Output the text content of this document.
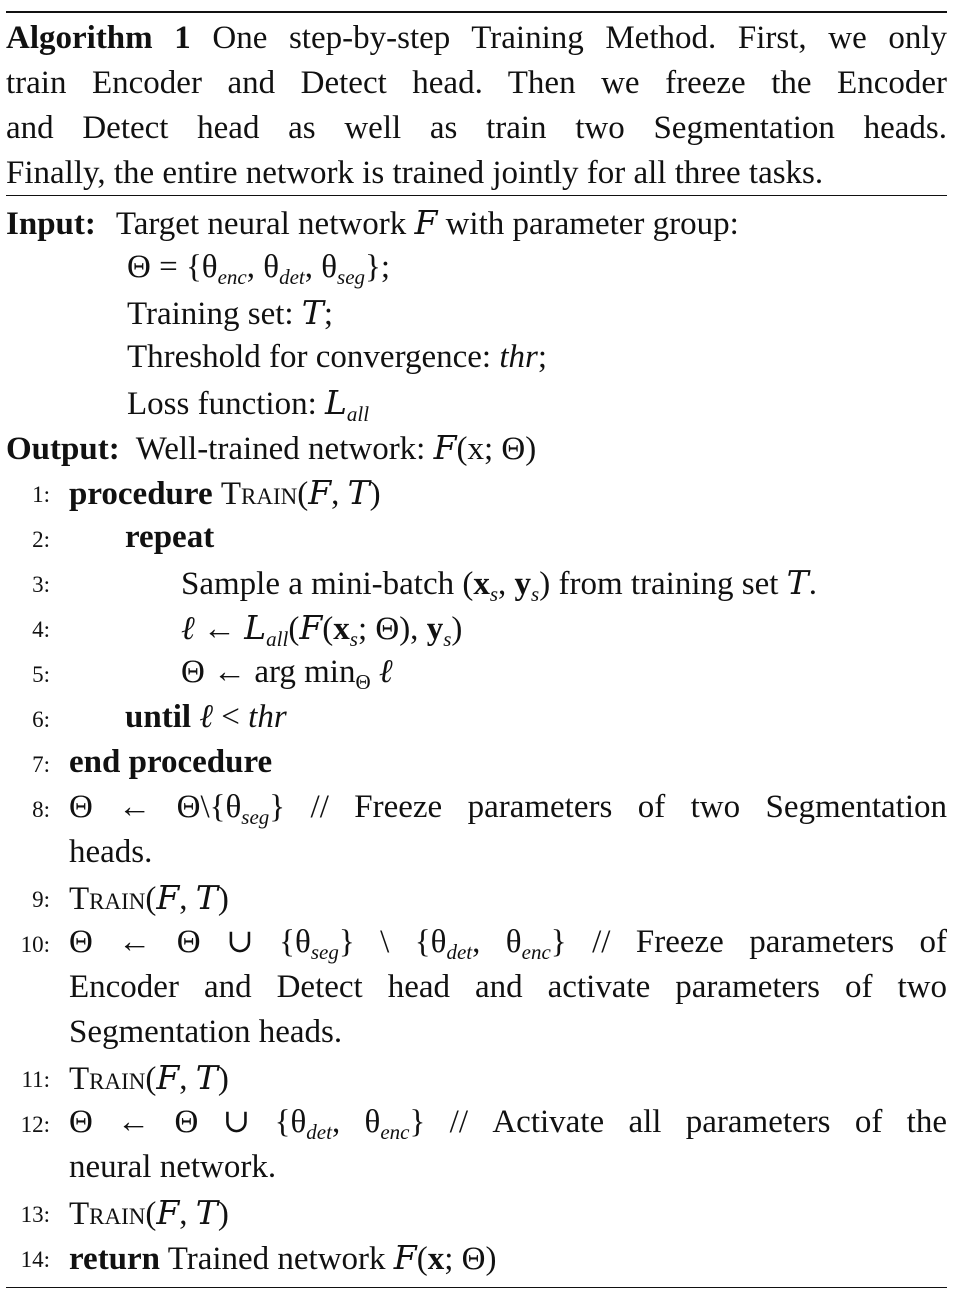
Algorithm 1 One step-by-step Training Method. First, we only
train Encoder and Detect head. Then we freeze the Encoder
and Detect head as well as train two Segmentation heads.
Finally, the entire network is trained jointly for all three tasks.
Input: Target neural network F with parameter group:
$\Theta = \{\theta_{enc}$, $\theta_{det}$, $\theta_{seg}$};
Training set: T;
Threshold for convergence: thr;
Loss function: $L_{all}$
Output: Well-trained network: F(x; Θ)
1: procedure Train(F, T)
2: repeat
3:	Sample a mini-batch ($x_s$, $y_s$) from training set T.
4:	ℓ ← $L_{all}(F(x_s$; Θ), $y_s$)
5:	Θ ← arg $\min_\Theta$ ℓ
6: until ℓ < thr
7: end procedure
8: Θ ← $\Theta\backslash\{\theta_{seg}\}$ // Freeze parameters of two Segmentation
heads.
9: Train(F, T)
10: Θ ← Θ ∪ $\{\theta_{seg}\}$ \ {$\theta_{det}$, $\theta_{enc}$} // Freeze parameters of
Encoder and Detect head and activate parameters of two
Segmentation heads.
11: Train(F, T)
12: Θ ← Θ ∪ {$\theta_{det}$, $\theta_{enc}$} // Activate all parameters of the
neural network.
13: Train(F, T)
14: return Trained network F(x; Θ)
